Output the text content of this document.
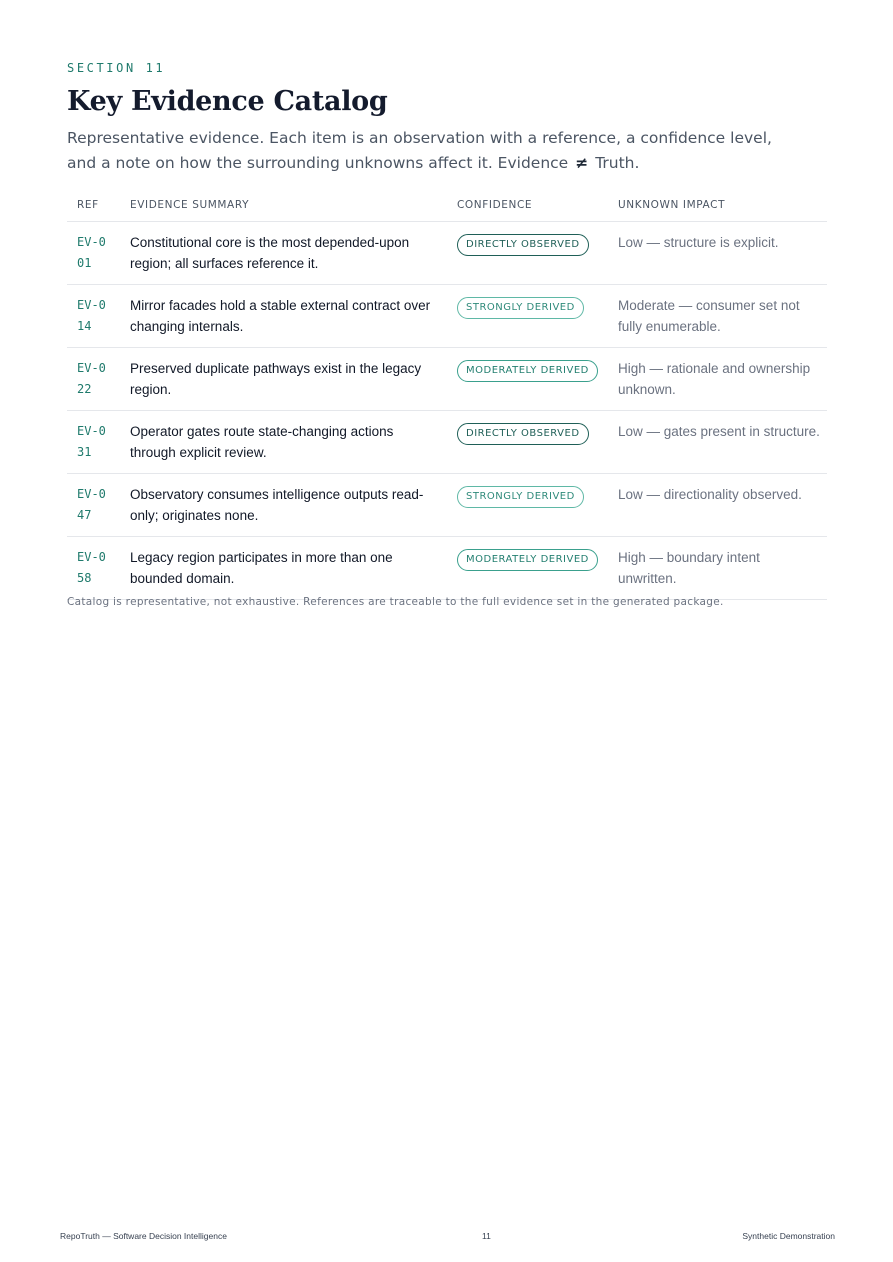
SECTION 11
Key Evidence Catalog

Representative evidence. Each item is an observation with a reference, a confidence level, and a note on how the surrounding unknowns affect it. Evidence ≠ Truth.

REF	EVIDENCE SUMMARY	CONFIDENCE	UNKNOWN IMPACT

EV-001	Constitutional core is the most depended-upon region; all surfaces reference it.	DIRECTLY OBSERVED	Low — structure is explicit.

EV-014	Mirror facades hold a stable external contract over changing internals.	STRONGLY DERIVED	Moderate — consumer set not fully enumerable.

EV-022	Preserved duplicate pathways exist in the legacy region.	MODERATELY DERIVED	High — rationale and ownership unknown.

EV-031	Operator gates route state-changing actions through explicit review.	DIRECTLY OBSERVED	Low — gates present in structure.

EV-047	Observatory consumes intelligence outputs read-only; originates none.	STRONGLY DERIVED	Low — directionality observed.

EV-058	Legacy region participates in more than one bounded domain.	MODERATELY DERIVED	High — boundary intent unwritten.
Catalog is representative, not exhaustive. References are traceable to the full evidence set in the generated package.
RepoTruth — Software Decision Intelligence	11	Synthetic Demonstration
